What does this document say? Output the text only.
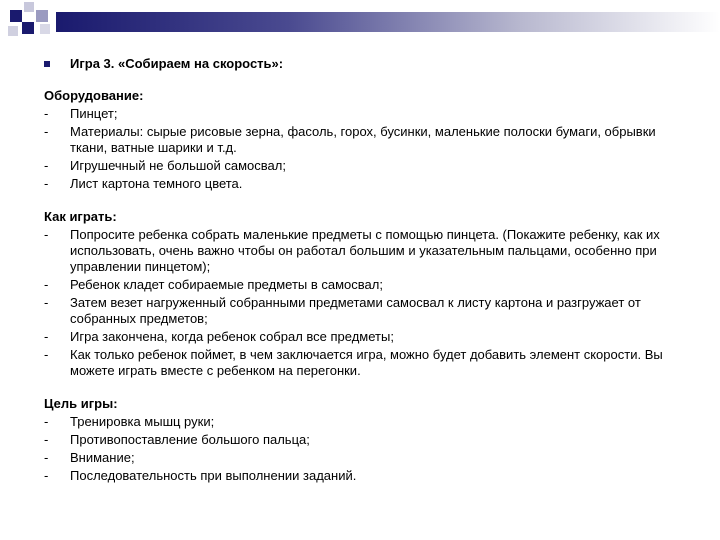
Игра 3. «Собираем на скорость»:
Оборудование:
-	Пинцет;
-	Материалы: сырые рисовые зерна, фасоль, горох, бусинки, маленькие полоски бумаги, обрывки ткани, ватные шарики и т.д.
-	Игрушечный не большой самосвал;
-	Лист картона темного цвета.
Как играть:
-	Попросите ребенка собрать маленькие предметы с помощью пинцета. (Покажите ребенку, как их использовать, очень важно чтобы он работал большим и указательным пальцами, особенно при управлении пинцетом);
-	Ребенок кладет собираемые предметы в самосвал;
-	Затем везет нагруженный собранными предметами самосвал к листу картона и разгружает от собранных предметов;
-	Игра закончена, когда ребенок собрал все предметы;
-	Как только ребенок поймет, в чем заключается игра, можно будет добавить элемент скорости. Вы можете играть вместе с ребенком на перегонки.
Цель игры:
-	Тренировка мышц руки;
-	Противопоставление большого пальца;
-	Внимание;
-	Последовательность при выполнении заданий.
